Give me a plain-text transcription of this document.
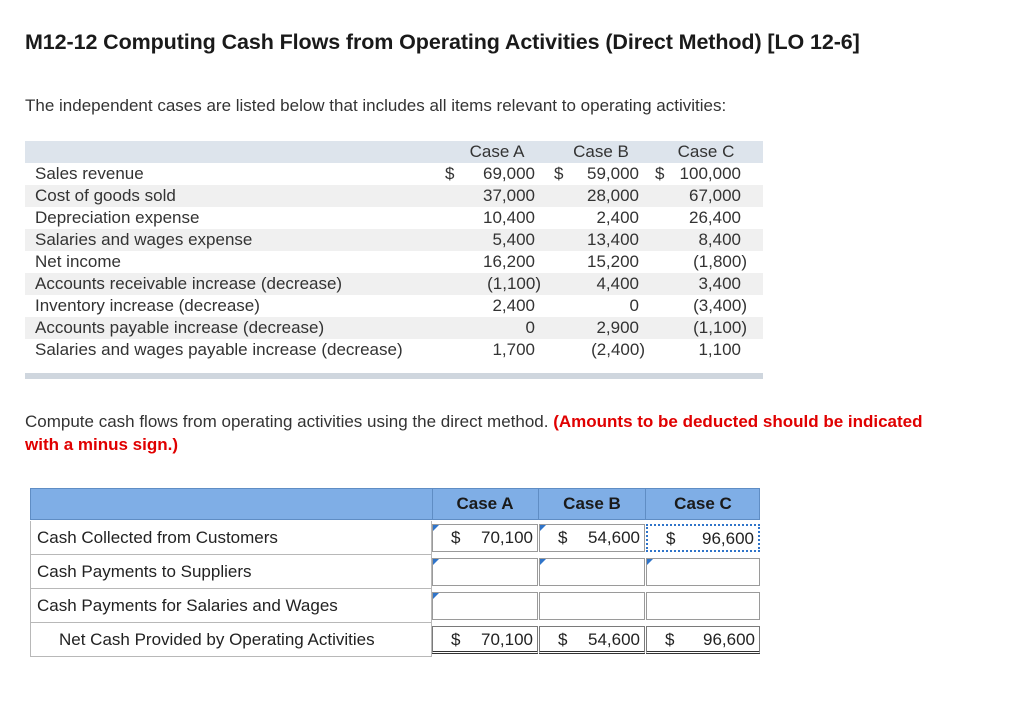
M12-12 Computing Cash Flows from Operating Activities (Direct Method) [LO 12-6]
The independent cases are listed below that includes all items relevant to operating activities:
Case A	Case B	Case C
Sales revenue	$ 69,000 $ 59,000 $ 100,000
Cost of goods sold	37,000	28,000	67,000
Depreciation expense	10,400	2,400	26,400
Salaries and wages expense	5,400	13,400	8,400
Net income	16,200	15,200	(1,800)
Accounts receivable increase (decrease)	(1,100)	4,400	3,400
Inventory increase (decrease)	2,400	0	(3,400)
Accounts payable increase (decrease)	0	2,900	(1,100)
Salaries and wages payable increase (decrease)	1,700	(2,400)	1,100
Compute cash flows from operating activities using the direct method. (Amounts to be deducted should be indicated with a minus sign.)
Case A	Case B	Case C
Cash Collected from Customers	$ 70,100 $ 54,600 $ 96,600
Cash Payments to Suppliers
Cash Payments for Salaries and Wages
Net Cash Provided by Operating Activities	$ 70,100 $ 54,600 $ 96,600
